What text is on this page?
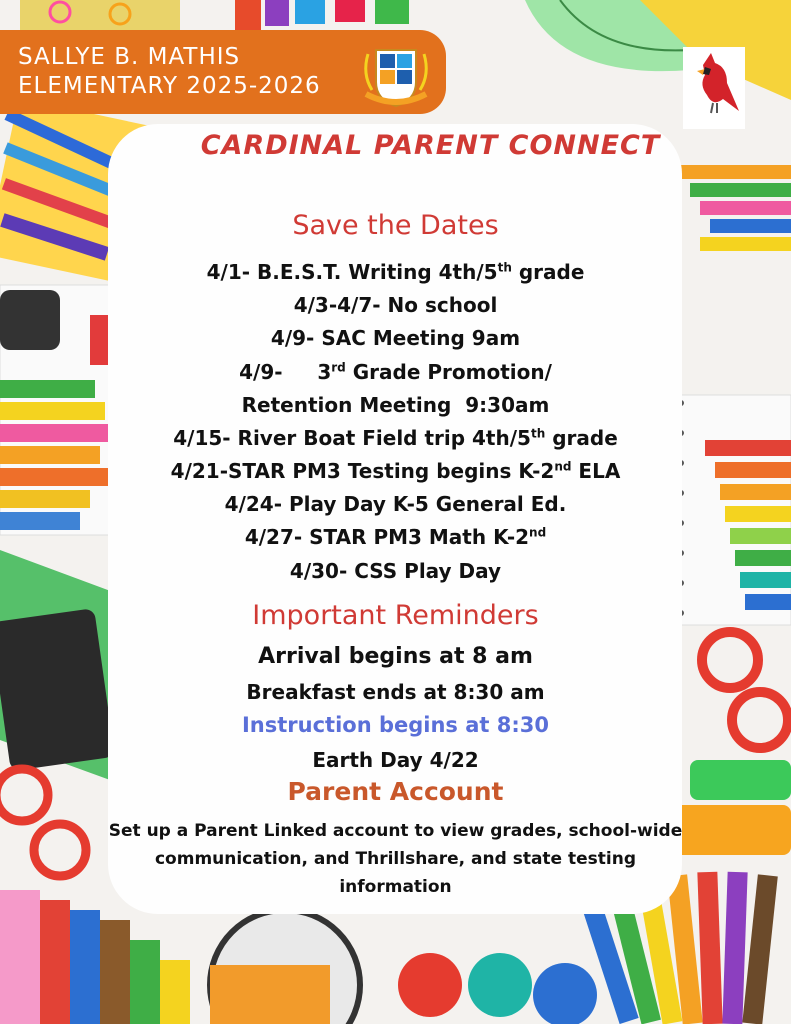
SALLYE B. MATHIS
ELEMENTARY 2025-2026
CARDINAL PARENT CONNECT
Save the Dates
4/1- B.E.S.T. Writing 4th/5th grade
4/3-4/7- No school
4/9- SAC Meeting 9am
4/9-     3rd Grade Promotion/
Retention Meeting  9:30am
4/15- River Boat Field trip 4th/5th grade
4/21-STAR PM3 Testing begins K-2nd ELA
4/24- Play Day K-5 General Ed.
4/27- STAR PM3 Math K-2nd
4/30- CSS Play Day
Important Reminders
Arrival begins at 8 am
Breakfast ends at 8:30 am
Instruction begins at 8:30
Earth Day 4/22
Parent Account
Set up a Parent Linked account to view grades, school-wide
communication, and Thrillshare, and state testing
information
